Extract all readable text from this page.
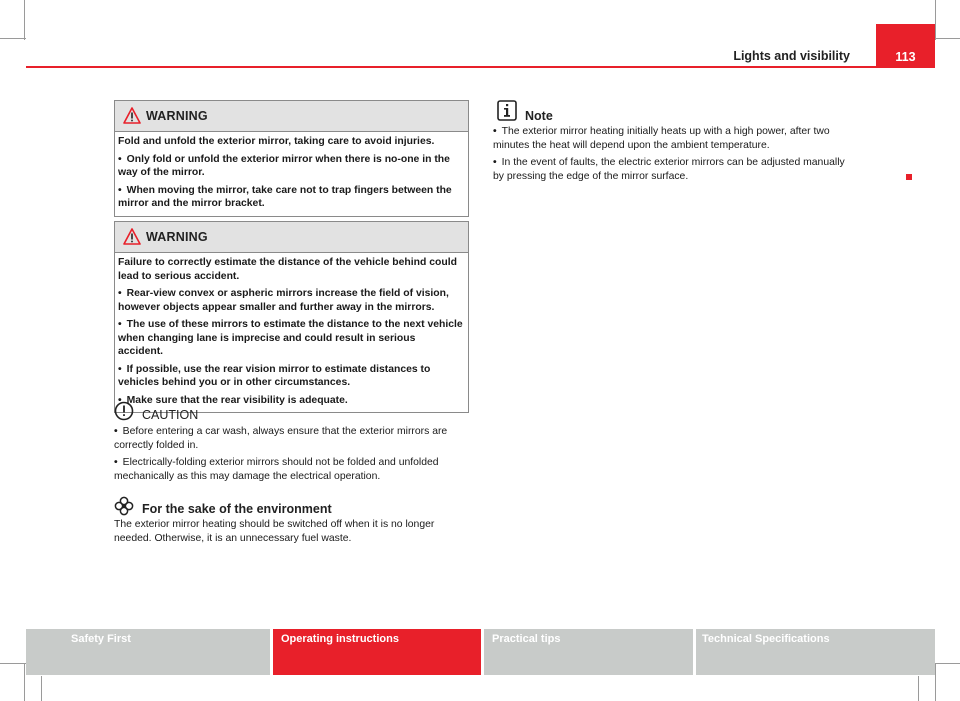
Lights and visibility	113
WARNING

Fold and unfold the exterior mirror, taking care to avoid injuries.

• Only fold or unfold the exterior mirror when there is no-one in the way of the mirror.

• When moving the mirror, take care not to trap fingers between the mirror and the mirror bracket.

WARNING

Failure to correctly estimate the distance of the vehicle behind could lead to serious accident.

• Rear-view convex or aspheric mirrors increase the field of vision, however objects appear smaller and further away in the mirrors.

• The use of these mirrors to estimate the distance to the next vehicle when changing lane is imprecise and could result in serious accident.

• If possible, use the rear vision mirror to estimate distances to vehicles behind you or in other circumstances.

• Make sure that the rear visibility is adequate.

CAUTION

• Before entering a car wash, always ensure that the exterior mirrors are correctly folded in.

• Electrically-folding exterior mirrors should not be folded and unfolded mechanically as this may damage the electrical operation.

For the sake of the environment

The exterior mirror heating should be switched off when it is no longer needed. Otherwise, it is an unnecessary fuel waste.

Note

• The exterior mirror heating initially heats up with a high power, after two minutes the heat will depend upon the ambient temperature.

• In the event of faults, the electric exterior mirrors can be adjusted manually by pressing the edge of the mirror surface.

Safety First	Operating instructions	Practical tips	Technical Specifications
